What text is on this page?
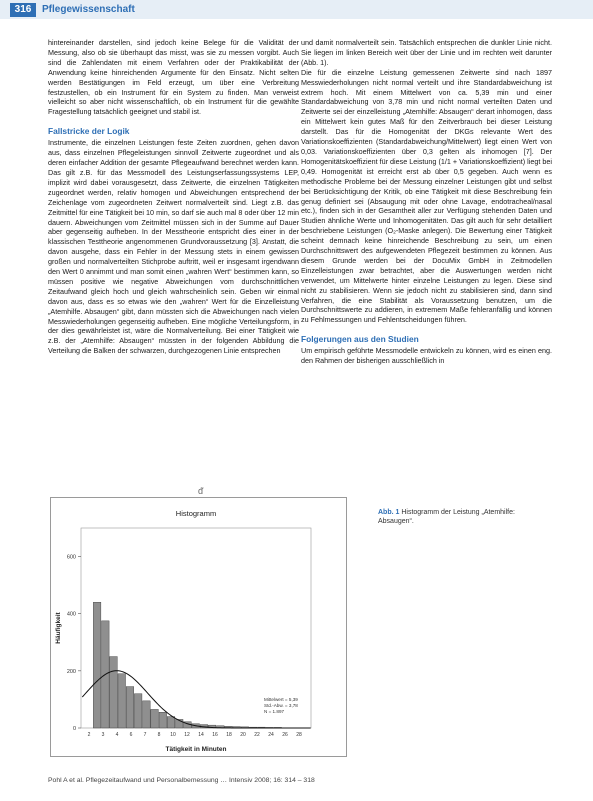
316	Pflegewissenschaft

hintereinander darstellen, sind jedoch keine Belege für die Validität der Messung, also ob sie überhaupt das misst, was sie zu messen vorgibt. Auch sind die Zahlendaten mit einem Verfahren oder der Praktikabilität der Anwendung keine hinreichenden Argumente für den Einsatz. Nicht selten werden Bestätigungen im Feld erzeugt, um über eine Verbreitung festzustellen, ob ein Instrument für ein System zu finden. Man verweist vielleicht so aber nicht wissenschaftlich, ob ein Instrument für die gewählte Fragestellung tatsächlich geeignet und stabil ist.

Fallstricke der Logik

Instrumente, die einzelnen Leistungen feste Zeiten zuordnen, gehen davon aus, dass einzelnen Pflegeleistungen sinnvoll Zeitwerte zugeordnet und als deren einfacher Addition der gesamte Pflegeaufwand berechnet werden kann. Das gilt z.B. für das Messmodell des Leistungserfassungssystems LEP, implizit wird dabei vorausgesetzt, dass Zeitwerte, die einzelnen Tätigkeiten zugeordnet werden, relativ homogen und Abweichungen entsprechend der Zeichenlage vom zugeordneten Zeitwert normalverteilt sind. Liegt z.B. das Zeitmittel für eine Tätigkeit bei 10 min, so darf sie auch mal 8 oder über 12 min dauern. Abweichungen vom Zeitmittel müssen sich in der Summe auf Dauer aber gegenseitig aufheben. In der Messtheorie entspricht dies einer in der klassischen Testtheorie angenommenen Grundvoraussetzung [3]. Anstatt, die davon ausgehe, dass ein Fehler in der Messung stets in einem gewissen großen und normalverteilten Stichprobe auftritt, weil er insgesamt irgendwann den Wert 0 annimmt und man somit einen „wahren Wert“ bestimmen kann, so müssen positive wie negative Abweichungen vom durchschnittlichen Zeitaufwand gleich hoch und gleich wahrscheinlich sein. Geben wir einmal davon aus, dass es so etwas wie den „wahren“ Wert für die Einzelleistung „Atemhilfe. Absaugen“ gibt, dann müssten sich die Abweichungen nach vielen Messwiederholungen gegenseitig aufheben. Eine mögliche Verteilungsform, in der dies gewährleistet ist, wäre die Normalverteilung. Bei einer Tätigkeit wie z.B. der „Atemhilfe: Absaugen“ müssten in der folgenden Abbildung die Verteilung die Balken der schwarzen, durchgezogenen Linie entsprechen

und damit normalverteilt sein. Tatsächlich entsprechen die dunkler Linie nicht. Sie liegen im linken Bereich weit über der Linie und im rechten weit darunter (Abb. 1).

Die für die einzelne Leistung gemessenen Zeitwerte sind nach 1897 Messwiederholungen nicht normal verteilt und ihre Standardabweichung ist extrem hoch. Mit einem Mittelwert von ca. 5,39 min und einer Standardabweichung von 3,78 min und nicht normal verteilten Daten und Zeitwerte sei der einzelleistung „Atemhilfe: Absaugen“ derart inhomogen, dass ein Mittelwert kein gutes Maß für den Zeitverbrauch bei dieser Leistung darstellt. Das für die Homogenität der DKGs relevante Wert des Variationskoeffizienten (Standardabweichung/Mittelwert) liegt einen Wert von 0,03. Variationskoeffizienten über 0,3 gelten als inhomogen [7]. Der Homogenitätskoeffizient für diese Leistung (1/1 + Variationskoeffizient) liegt bei 0,49. Homogenität ist erreicht erst ab über 0,5 gegeben. Auch wenn es methodische Probleme bei der Messung einzelner Leistungen gibt und selbst bei Berücksichtigung der Kritik, ob eine Tätigkeit mit diese Beschreibung fein genug definiert sei (Absaugung mit oder ohne Lavage, endotracheal/nasal etc.), finden sich in der Gesamtheit aller zur Verfügung stehenden Daten und Studien ähnliche Werte und Inhomogenitäten. Das gilt auch für sehr detailliert beschriebene Leistungen (O₂-Maske anlegen). Die Bewertung einer Tätigkeit scheint demnach keine hinreichende Beschreibung zu sein, um einen Durchschnittswert des aufgewendeten Pflegezeit bestimmen zu können. Aus diesem Grunde werden bei der DocuMix GmbH in Zeitmodellen Einzelleistungen zwar betrachtet, aber die Auswertungen werden nicht verwendet, um Mittelwerte hinter einzelne Leistungen zu legen. Diese sind nicht zu stabilisieren. Wenn sie jedoch nicht zu stabilisieren sind, dann sind Verfahren, die eine Stabilität als Voraussetzung benutzen, um die Durchschnittswerte zu addieren, in extremem Maße fehleranfällig und können zu Fehlmessungen und Fehlentscheidungen führen.

Folgerungen aus den Studien

Um empirisch geführte Messmodelle entwickeln zu können, wird es einen eng. den Rahmen der bisherigen ausschließlich in

ᵭ
Histogramm
0
200
400
600
2 3 4 6 7 8 10 12 14 16 18 20 22 24 26 28
Häufigkeit
Tätigkeit in Minuten
Mittelwert = 5,39
Std.-Abw. = 3,78
N = 1.897
Abb. 1 Histogramm der Leistung „Atemhilfe: Absaugen“.
Pohl A et al. Pflegezeitaufwand und Personalbemessung … Intensiv 2008; 16: 314 – 318
